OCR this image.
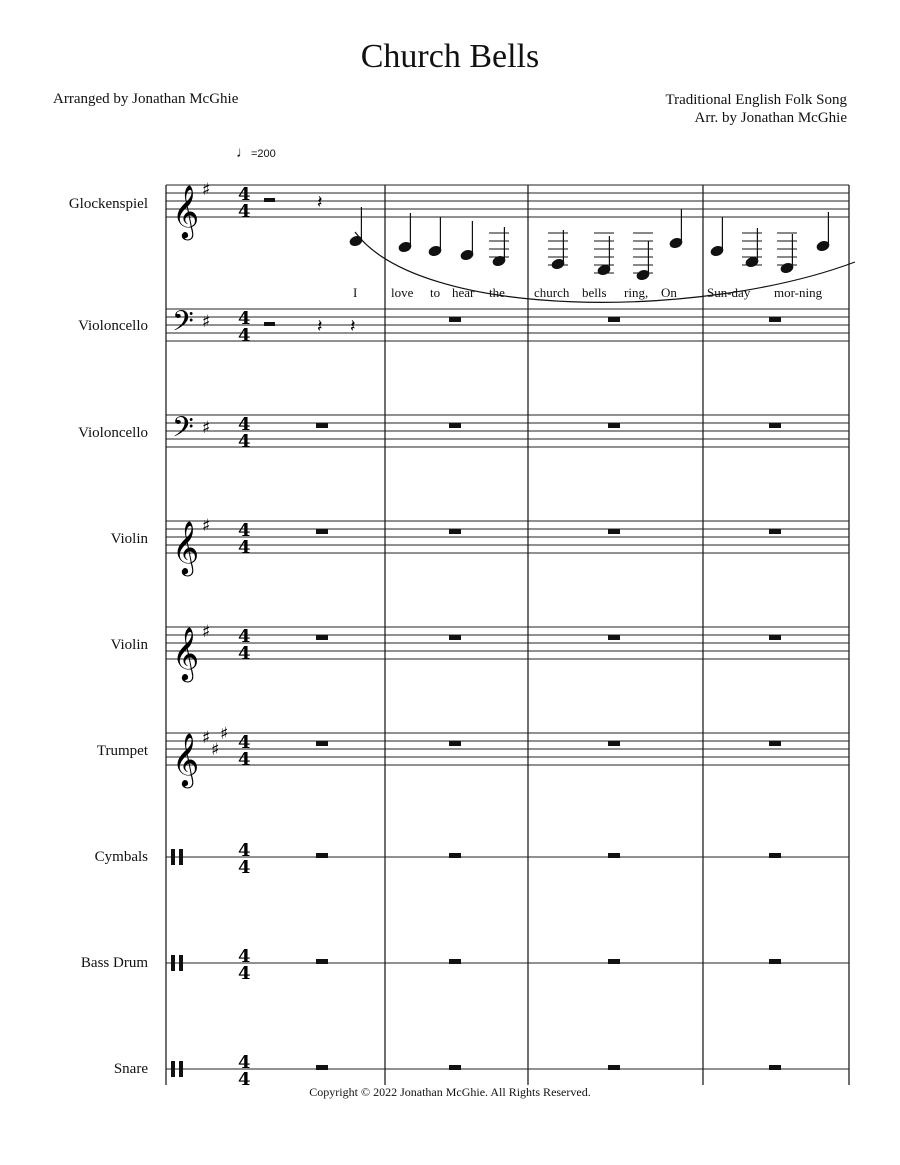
Church Bells
Arranged by Jonathan McGhie	Traditional English Folk Song
Arr. by Jonathan McGhie
♩=200
Glockenspiel
Violoncello
Violoncello
Violin
Violin
Trumpet
Cymbals
Bass Drum
Snare
I	love to hear the church bells ring, On Sun-day mor-ning
𝄞 ♯ 4
4
𝄢 ♯ 4
4
𝄢 ♯ 4
4
𝄞 ♯ 4
4
𝄞 ♯ 4
4
𝄞 ♯
♯
♯ 4
4
4
4
4
4
4
4
𝄽
𝄽 𝄽
Copyright © 2022 Jonathan McGhie. All Rights Reserved.
